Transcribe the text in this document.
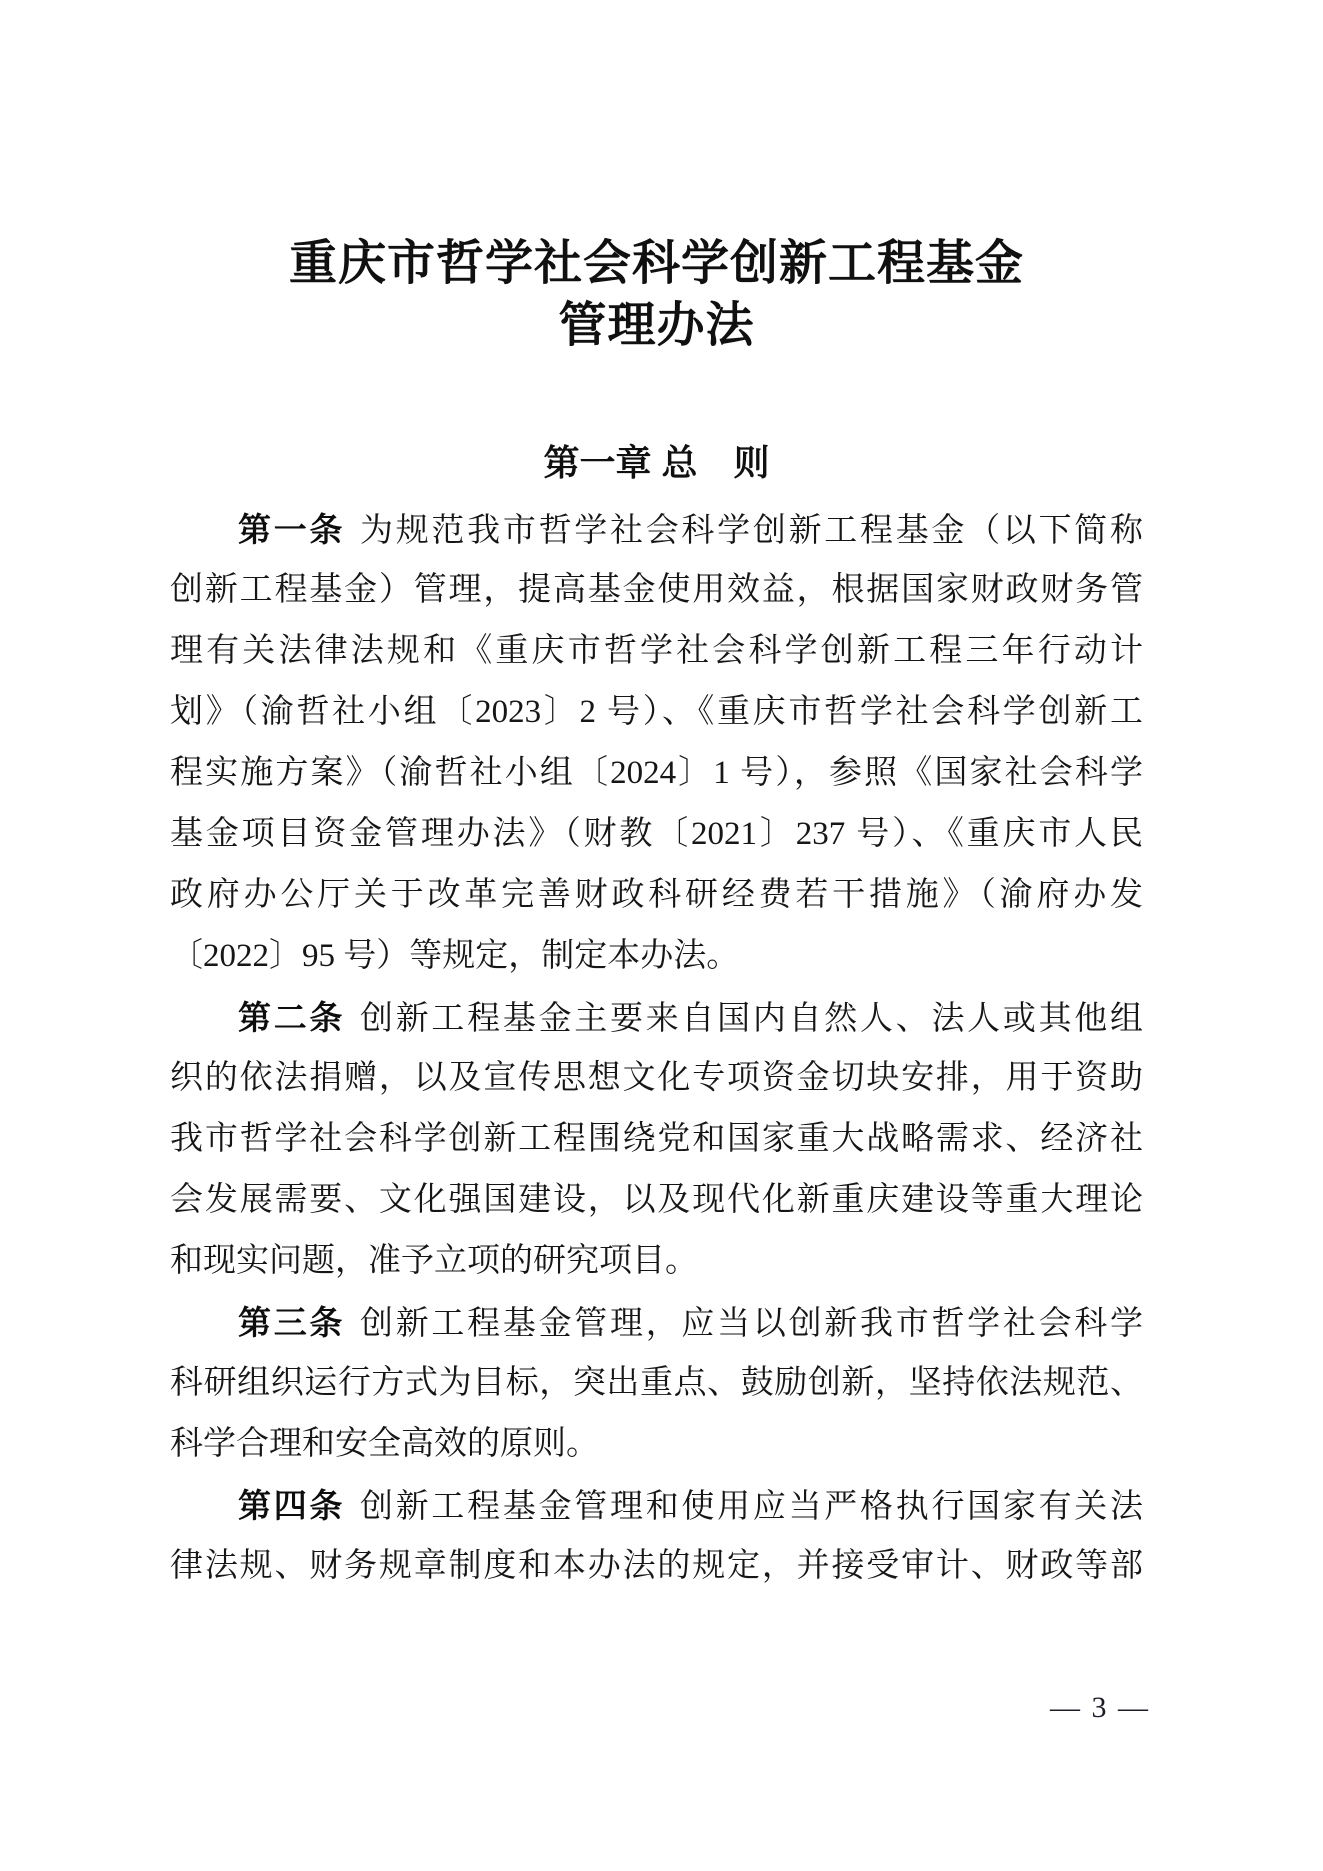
重庆市哲学社会科学创新工程基金
管理办法
第一章 总　则
第一条 为规范我市哲学社会科学创新工程基金（以下简称
创新工程基金）管理，提高基金使用效益，根据国家财政财务管
理有关法律法规和《重庆市哲学社会科学创新工程三年行动计
划》（渝哲社小组〔2023〕2 号）、《重庆市哲学社会科学创新工
程实施方案》（渝哲社小组〔2024〕1 号），参照《国家社会科学
基金项目资金管理办法》（财教〔2021〕237 号）、《重庆市人民
政府办公厅关于改革完善财政科研经费若干措施》（渝府办发
〔2022〕95 号）等规定，制定本办法。
第二条 创新工程基金主要来自国内自然人、法人或其他组
织的依法捐赠，以及宣传思想文化专项资金切块安排，用于资助
我市哲学社会科学创新工程围绕党和国家重大战略需求、经济社
会发展需要、文化强国建设，以及现代化新重庆建设等重大理论
和现实问题，准予立项的研究项目。
第三条 创新工程基金管理，应当以创新我市哲学社会科学
科研组织运行方式为目标，突出重点、鼓励创新，坚持依法规范、
科学合理和安全高效的原则。
第四条 创新工程基金管理和使用应当严格执行国家有关法
律法规、财务规章制度和本办法的规定，并接受审计、财政等部
— 3 —
